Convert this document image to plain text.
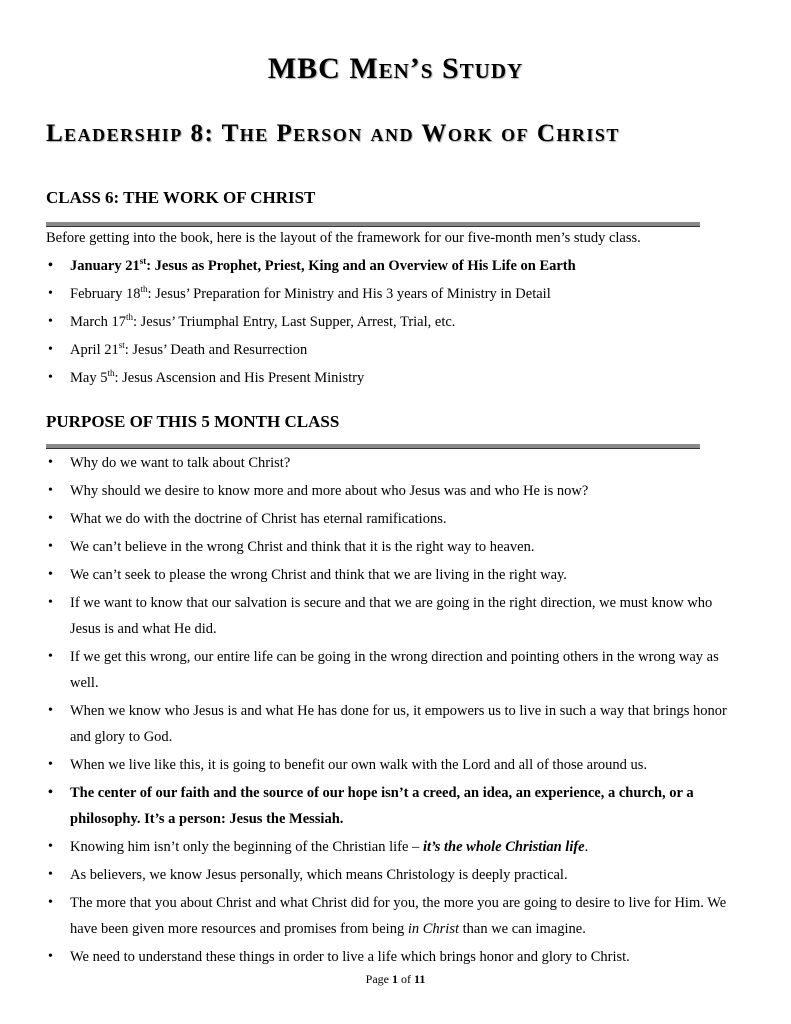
MBC Men’s Study
Leadership 8: The Person and Work of Christ
CLASS 6: THE WORK OF CHRIST

Before getting into the book, here is the layout of the framework for our five-month men’s study class.

• January 21st: Jesus as Prophet, Priest, King and an Overview of His Life on Earth
• February 18th: Jesus’ Preparation for Ministry and His 3 years of Ministry in Detail
• March 17th: Jesus’ Triumphal Entry, Last Supper, Arrest, Trial, etc.
• April 21st: Jesus’ Death and Resurrection
• May 5th: Jesus Ascension and His Present Ministry
PURPOSE OF THIS 5 MONTH CLASS
• Why do we want to talk about Christ?
• Why should we desire to know more and more about who Jesus was and who He is now?
• What we do with the doctrine of Christ has eternal ramifications.
• We can’t believe in the wrong Christ and think that it is the right way to heaven.
• We can’t seek to please the wrong Christ and think that we are living in the right way.
• If we want to know that our salvation is secure and that we are going in the right direction, we must know who Jesus is and what He did.
• If we get this wrong, our entire life can be going in the wrong direction and pointing others in the wrong way as well.
• When we know who Jesus is and what He has done for us, it empowers us to live in such a way that brings honor and glory to God.
• When we live like this, it is going to benefit our own walk with the Lord and all of those around us.
• The center of our faith and the source of our hope isn’t a creed, an idea, an experience, a church, or a philosophy. It’s a person: Jesus the Messiah.
• Knowing him isn’t only the beginning of the Christian life – it’s the whole Christian life.
• As believers, we know Jesus personally, which means Christology is deeply practical.
• The more that you about Christ and what Christ did for you, the more you are going to desire to live for Him. We have been given more resources and promises from being in Christ than we can imagine.
• We need to understand these things in order to live a life which brings honor and glory to Christ.
Page 1 of 11
